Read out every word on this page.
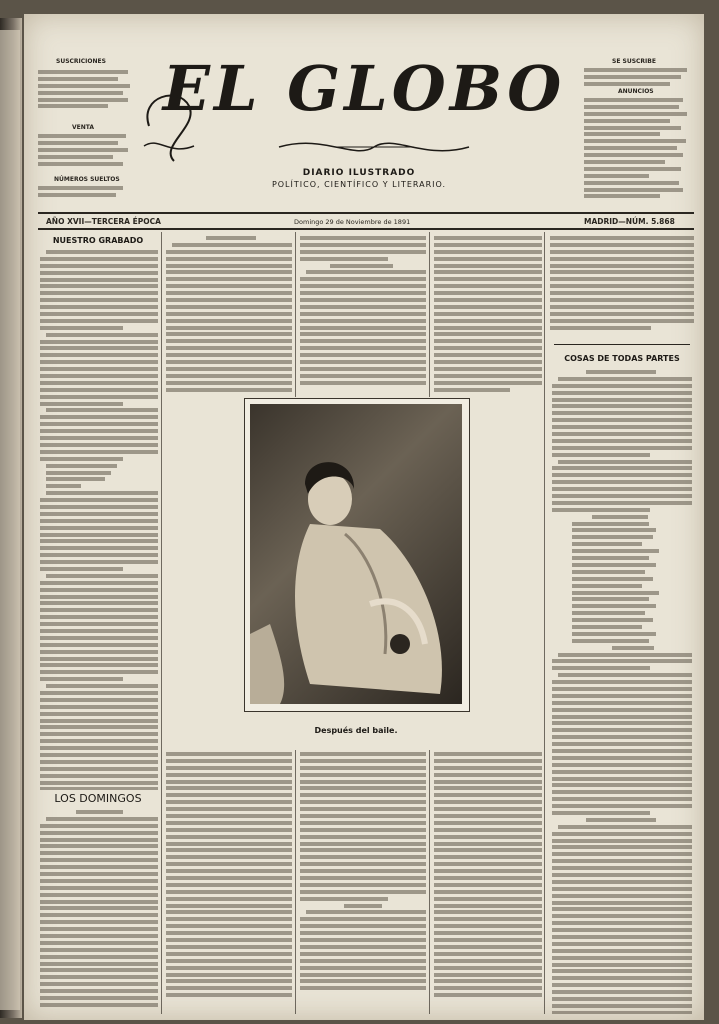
SUSCRICIONES
VENTA
NÚMEROS SUELTOS
EL GLOBO
DIARIO ILUSTRADO
POLÍTICO, CIENTÍFICO Y LITERARIO.
SE SUSCRIBE
ANUNCIOS
AÑO XVII—TERCERA ÉPOCA	Domingo 29 de Noviembre de 1891	MADRID—NÚM. 5.868
NUESTRO GRABADO
LOS DOMINGOS
Después del baile.
COSAS DE TODAS PARTES
